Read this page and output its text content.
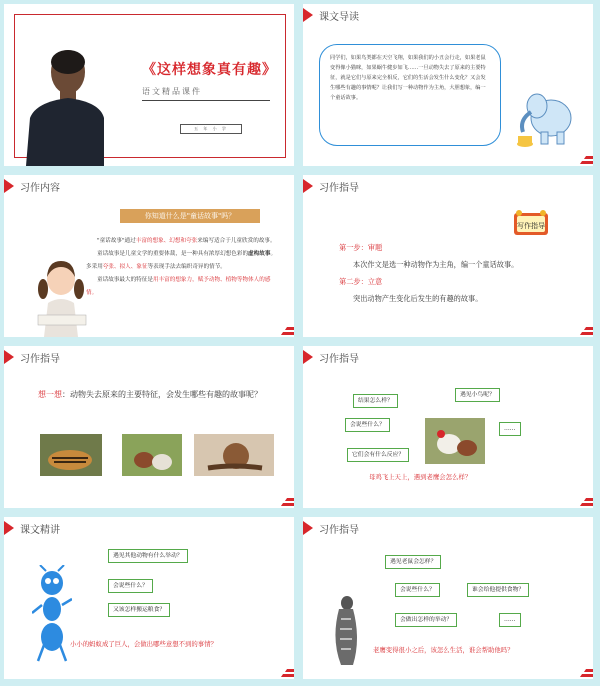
《这样想象真有趣》
语文精品课件
五 年 小 学
课文导读

同学们，如果鸟类都在天空飞翔，如果我们的小丑会行走，如果老鼠变得像小猫咪，如果蜗牛健步如飞……一旦动物失去了原来的主要特征，就是它们与原来完全相反，它们的生活会发生什么变化？又会发生哪些有趣的事情呢？让我们写一种动物作为主角，大胆想象，编一个童话故事。

习作内容
你知道什么是"童话故事"吗？

"童话故事"通过丰富的想象、幻想和夸张来编写适合于儿童欣赏的故事。

童话故事是儿童文学的重要体裁，是一种具有浓厚幻想色彩的虚构故事。多采用夸张、拟人、象征等表现手法去编织奇异的情节。

童话故事最大的特征是用丰富的想象力，赋予动物、植物等物体人的感情。

习作指导
写作指导

第一步：审题

本次作文是选一种动物作为主角，编一个童话故事。

第二步：立意

突出动物产生变化后发生的有趣的故事。

习作指导
想一想：动物失去原来的主要特征，会发生哪些有趣的故事呢？
习作指导
结果怎么样？
遇见小鸟呢？
会说些什么？
……
它们会有什么反应？
母鸡飞上天上，遇到老鹰会怎么样？
课文精讲
遇见其他动物有什么举动？
会说些什么？
又该怎样搬运粮食？
小小的蚂蚁成了巨人，会做出哪些意想不到的事情？
习作指导
遇见老鼠会怎样？
会说些什么？	谁会给他提供食物？
会做出怎样的举动？	……
老鹰变得很小之后，该怎么生活，谁会帮助他吗？
